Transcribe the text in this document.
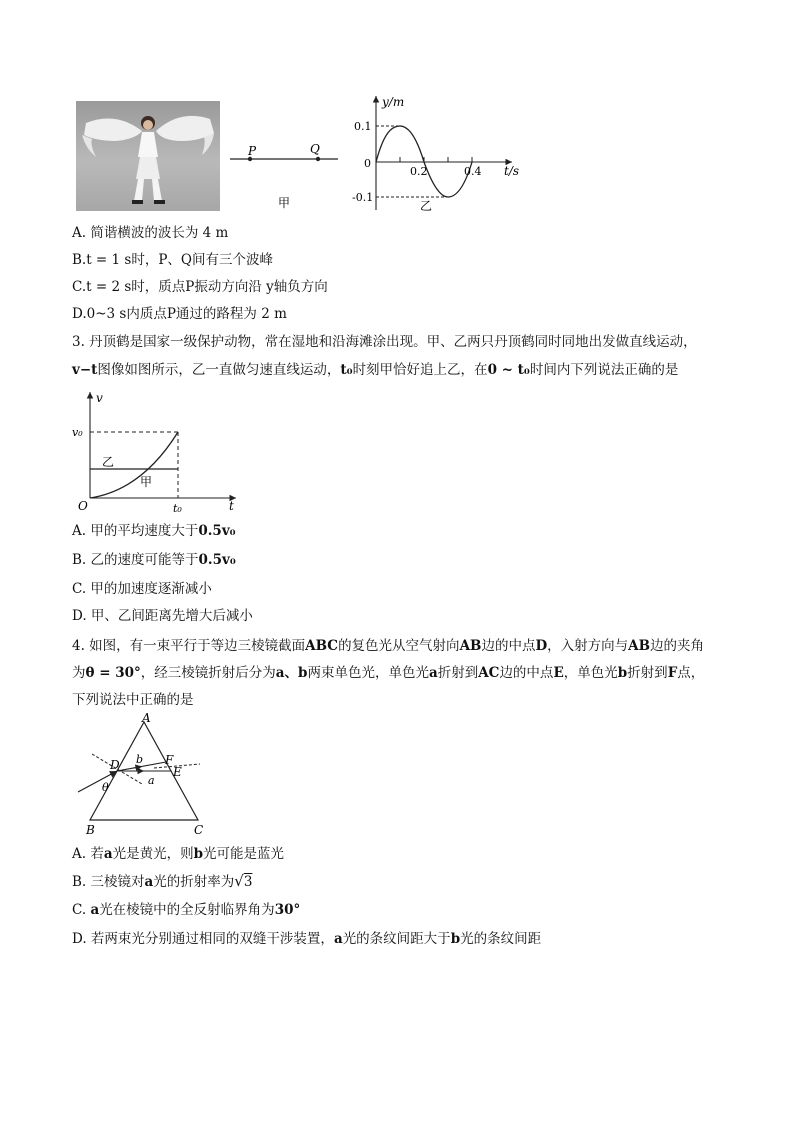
P	Q
甲
y/m
0.1
0
-0.1
0.2	0.4 t/s
乙
A. 简谐横波的波长为 4 m
B.t = 1 s时，P、Q间有三个波峰
C.t = 2 s时，质点P振动方向沿 y轴负方向
D.0~3 s内质点P通过的路程为 2 m
3. 丹顶鹤是国家一级保护动物，常在湿地和沿海滩涂出现。甲、乙两只丹顶鹤同时同地出发做直线运动，
v−t图像如图所示，乙一直做匀速直线运动，t₀时刻甲恰好追上乙，在0 ~ t₀时间内下列说法正确的是
v
v₀
乙
甲
O	t₀	t
A. 甲的平均速度大于0.5v₀
B. 乙的速度可能等于0.5v₀
C. 甲的加速度逐渐减小
D. 甲、乙间距离先增大后减小
4. 如图，有一束平行于等边三棱镜截面ABC的复色光从空气射向AB边的中点D，入射方向与AB边的夹角
为θ = 30°，经三棱镜折射后分为a、b两束单色光，单色光a折射到AC边的中点E，单色光b折射到F点，
下列说法中正确的是
A
B	C
D	E
F
b
a
θ
A. 若a光是黄光，则b光可能是蓝光
B. 三棱镜对a光的折射率为√3
C. a光在棱镜中的全反射临界角为30°
D. 若两束光分别通过相同的双缝干涉装置，a光的条纹间距大于b光的条纹间距
